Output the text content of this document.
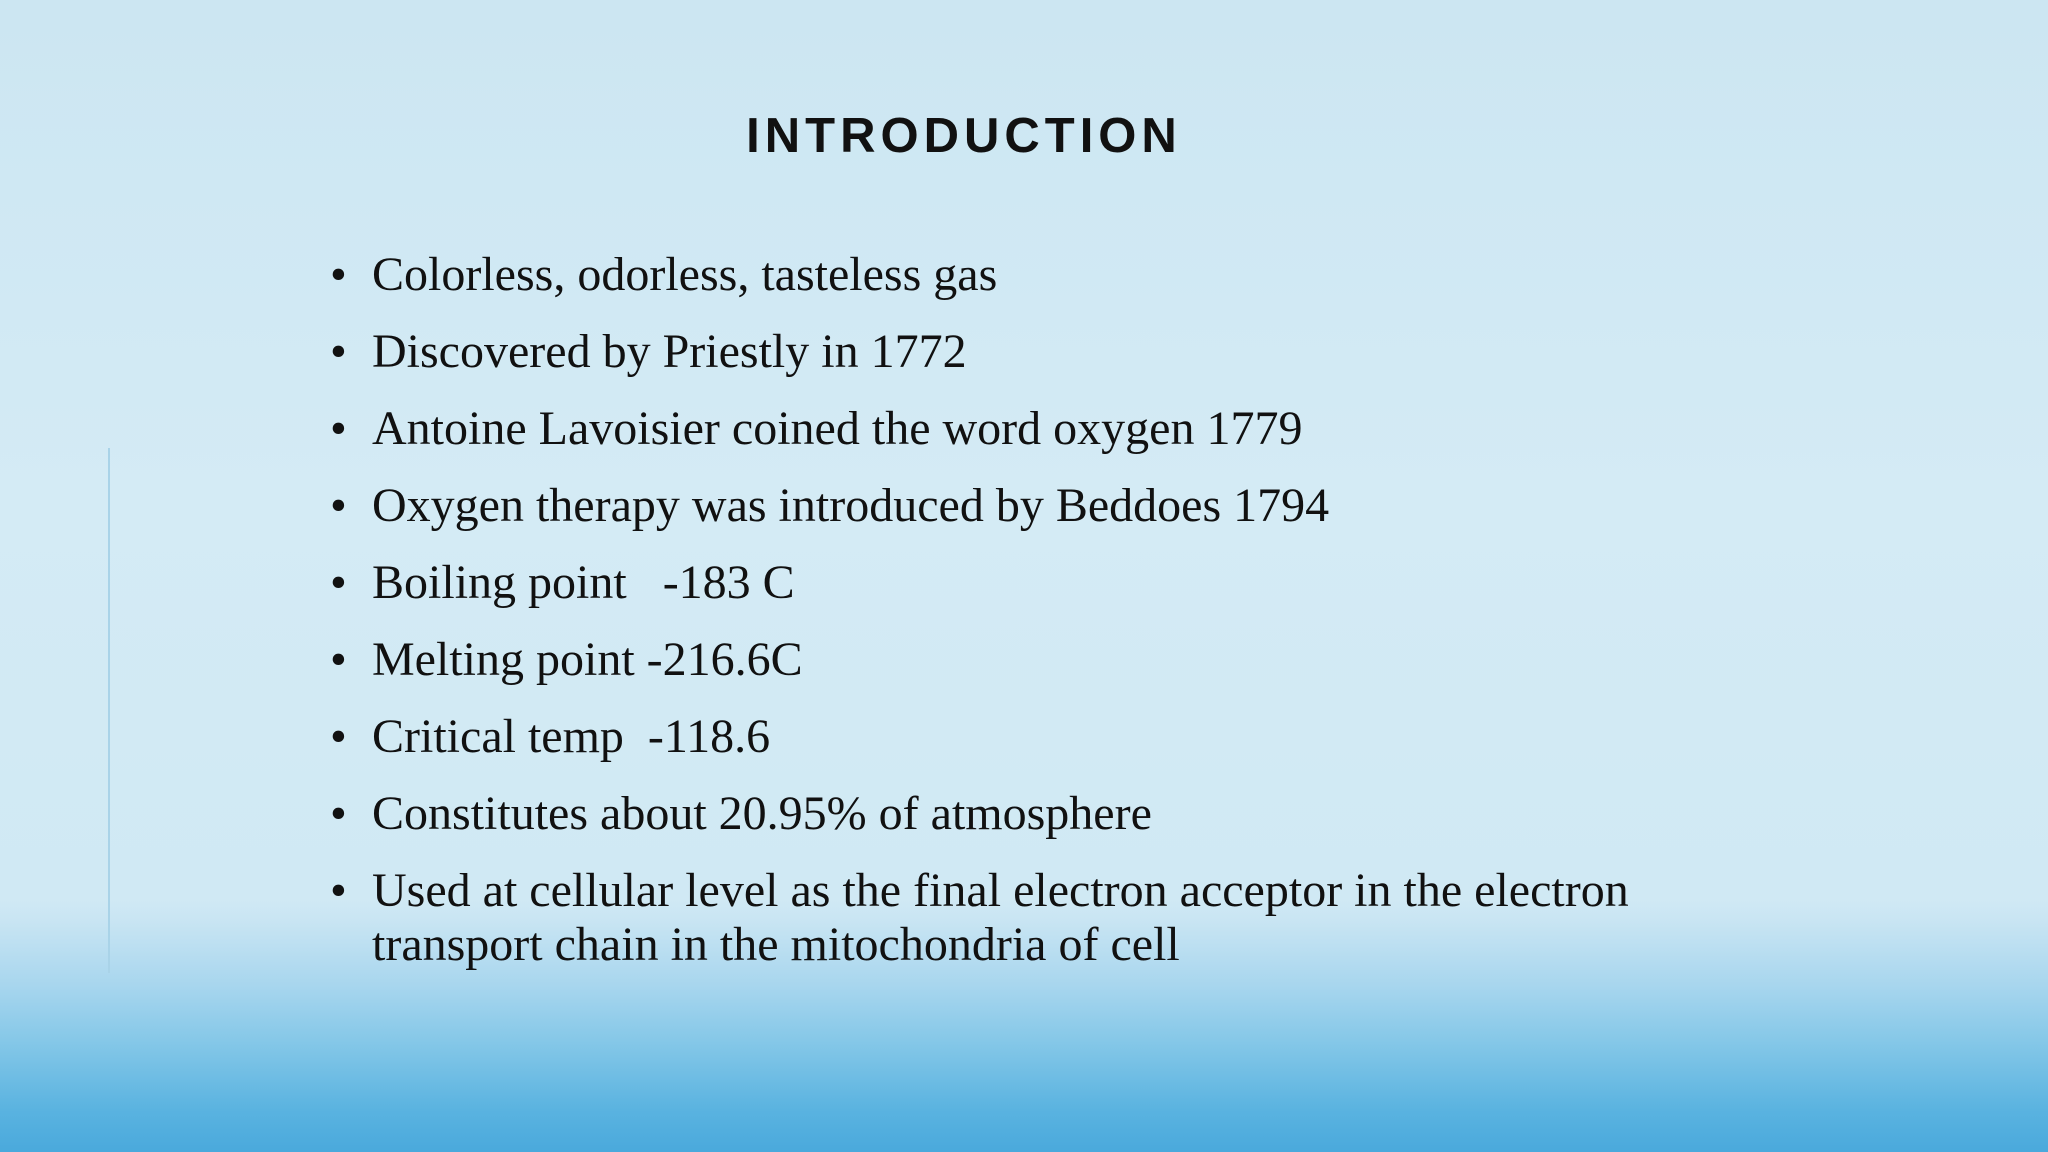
INTRODUCTION
• Colorless, odorless, tasteless gas
• Discovered by Priestly in 1772
• Antoine Lavoisier coined the word oxygen 1779
• Oxygen therapy was introduced by Beddoes 1794
• Boiling point   -183 C
• Melting point -216.6C
• Critical temp  -118.6
• Constitutes about 20.95% of atmosphere
• Used at cellular level as the final electron acceptor in the electron transport chain in the mitochondria of cell
